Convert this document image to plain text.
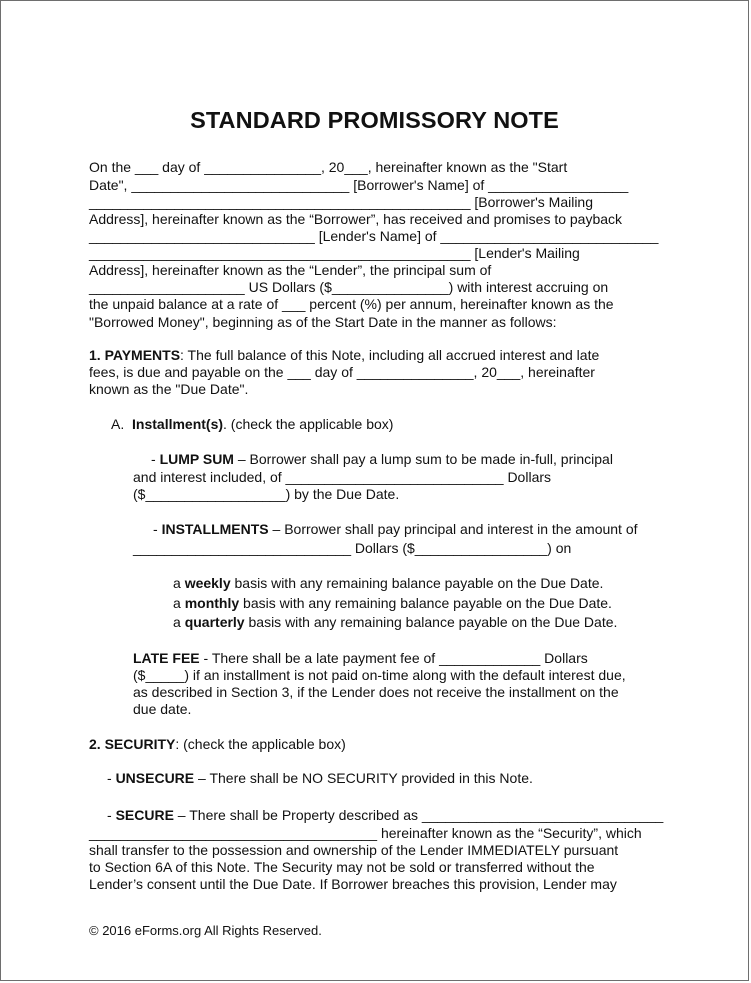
STANDARD PROMISSORY NOTE
On the ___ day of _______________, 20___, hereinafter known as the "Start
Date", ____________________________ [Borrower's Name] of __________________
_________________________________________________ [Borrower's Mailing
Address], hereinafter known as the “Borrower”, has received and promises to payback
_____________________________ [Lender's Name] of ____________________________
_________________________________________________ [Lender's Mailing
Address], hereinafter known as the “Lender”, the principal sum of
____________________ US Dollars ($_______________) with interest accruing on
the unpaid balance at a rate of ___ percent (%) per annum, hereinafter known as the
"Borrowed Money", beginning as of the Start Date in the manner as follows:
1. PAYMENTS: The full balance of this Note, including all accrued interest and late
fees, is due and payable on the ___ day of _______________, 20___, hereinafter
known as the "Due Date".
A.  Installment(s). (check the applicable box)
- LUMP SUM – Borrower shall pay a lump sum to be made in-full, principal
and interest included, of ____________________________ Dollars
($__________________) by the Due Date.
- INSTALLMENTS – Borrower shall pay principal and interest in the amount of
____________________________ Dollars ($_________________) on
a weekly basis with any remaining balance payable on the Due Date.
a monthly basis with any remaining balance payable on the Due Date.
a quarterly basis with any remaining balance payable on the Due Date.
LATE FEE - There shall be a late payment fee of _____________ Dollars
($_____) if an installment is not paid on-time along with the default interest due,
as described in Section 3, if the Lender does not receive the installment on the
due date.
2. SECURITY: (check the applicable box)
- UNSECURE – There shall be NO SECURITY provided in this Note.
- SECURE – There shall be Property described as _______________________________
_____________________________________ hereinafter known as the “Security”, which
shall transfer to the possession and ownership of the Lender IMMEDIATELY pursuant
to Section 6A of this Note. The Security may not be sold or transferred without the
Lender’s consent until the Due Date. If Borrower breaches this provision, Lender may
© 2016 eForms.org All Rights Reserved.
